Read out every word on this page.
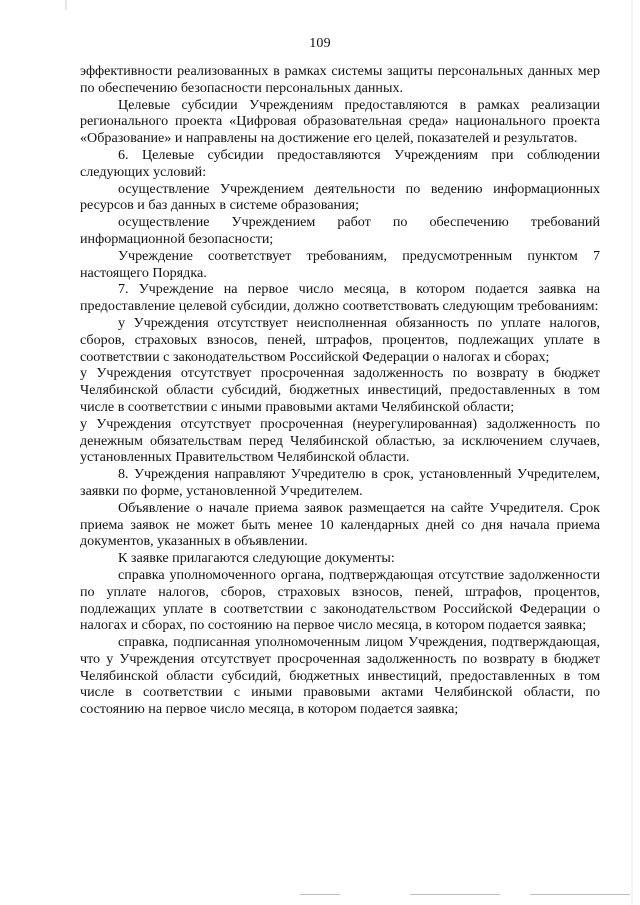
109

эффективности реализованных в рамках системы защиты персональных данных мер по обеспечению безопасности персональных данных.

Целевые субсидии Учреждениям предоставляются в рамках реализации регионального проекта «Цифровая образовательная среда» национального проекта «Образование» и направлены на достижение его целей, показателей и результатов.

6. Целевые субсидии предоставляются Учреждениям при соблюдении следующих условий:

осуществление Учреждением деятельности по ведению информационных ресурсов и баз данных в системе образования;

осуществление Учреждением работ по обеспечению требований информационной безопасности;

Учреждение соответствует требованиям, предусмотренным пунктом 7 настоящего Порядка.

7. Учреждение на первое число месяца, в котором подается заявка на предоставление целевой субсидии, должно соответствовать следующим требованиям:

у Учреждения отсутствует неисполненная обязанность по уплате налогов, сборов, страховых взносов, пеней, штрафов, процентов, подлежащих уплате в соответствии с законодательством Российской Федерации о налогах и сборах;

у Учреждения отсутствует просроченная задолженность по возврату в бюджет Челябинской области субсидий, бюджетных инвестиций, предоставленных в том числе в соответствии с иными правовыми актами Челябинской области;

у Учреждения отсутствует просроченная (неурегулированная) задолженность по денежным обязательствам перед Челябинской областью, за исключением случаев, установленных Правительством Челябинской области.

8. Учреждения направляют Учредителю в срок, установленный Учредителем, заявки по форме, установленной Учредителем.

Объявление о начале приема заявок размещается на сайте Учредителя. Срок приема заявок не может быть менее 10 календарных дней со дня начала приема документов, указанных в объявлении.

К заявке прилагаются следующие документы:

справка уполномоченного органа, подтверждающая отсутствие задолженности по уплате налогов, сборов, страховых взносов, пеней, штрафов, процентов, подлежащих уплате в соответствии с законодательством Российской Федерации о налогах и сборах, по состоянию на первое число месяца, в котором подается заявка;

справка, подписанная уполномоченным лицом Учреждения, подтверждающая, что у Учреждения отсутствует просроченная задолженность по возврату в бюджет Челябинской области субсидий, бюджетных инвестиций, предоставленных в том числе в соответствии с иными правовыми актами Челябинской области, по состоянию на первое число месяца, в котором подается заявка;
